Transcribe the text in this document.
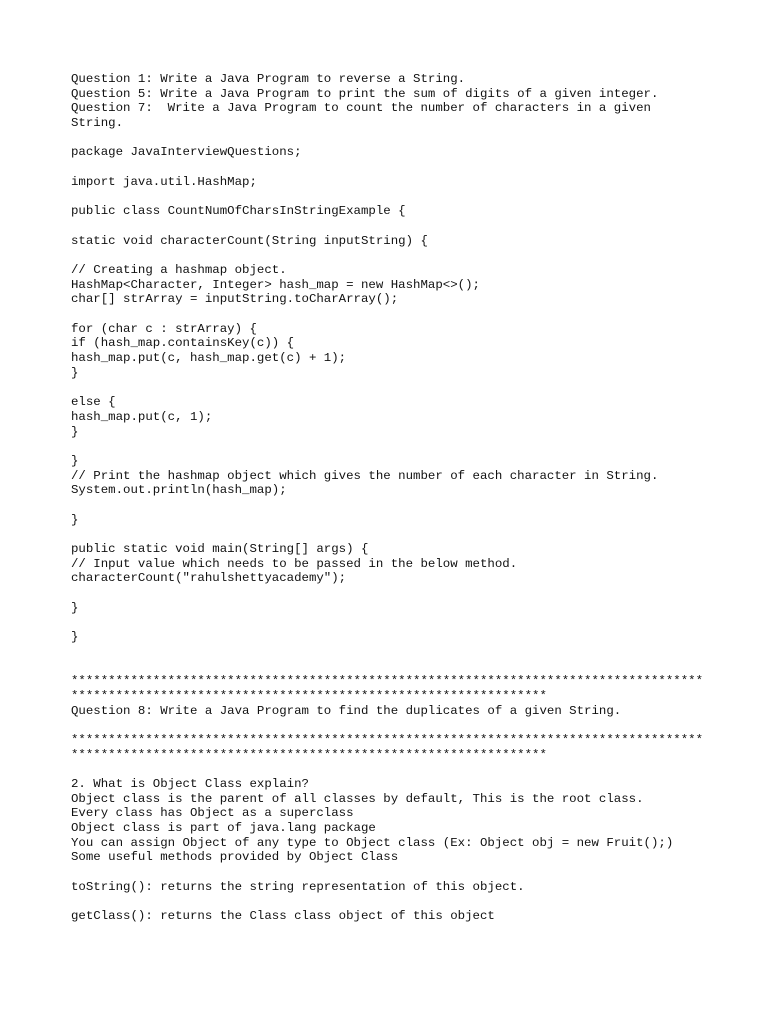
Question 1: Write a Java Program to reverse a String.
Question 5: Write a Java Program to print the sum of digits of a given integer.
Question 7:  Write a Java Program to count the number of characters in a given
String.
package JavaInterviewQuestions;
import java.util.HashMap;
public class CountNumOfCharsInStringExample {
static void characterCount(String inputString) {
// Creating a hashmap object.
HashMap<Character, Integer> hash_map = new HashMap<>();
char[] strArray = inputString.toCharArray();
for (char c : strArray) {
if (hash_map.containsKey(c)) {
hash_map.put(c, hash_map.get(c) + 1);
}
else {
hash_map.put(c, 1);
}
}
// Print the hashmap object which gives the number of each character in String.
System.out.println(hash_map);
}
public static void main(String[] args) {
// Input value which needs to be passed in the below method.
characterCount("rahulshettyacademy");
}
}
*************************************************************************************
****************************************************************
Question 8: Write a Java Program to find the duplicates of a given String.
*************************************************************************************
****************************************************************
2. What is Object Class explain?
Object class is the parent of all classes by default, This is the root class.
Every class has Object as a superclass
Object class is part of java.lang package
You can assign Object of any type to Object class (Ex: Object obj = new Fruit();)
Some useful methods provided by Object Class
toString(): returns the string representation of this object.
getClass(): returns the Class class object of this object
